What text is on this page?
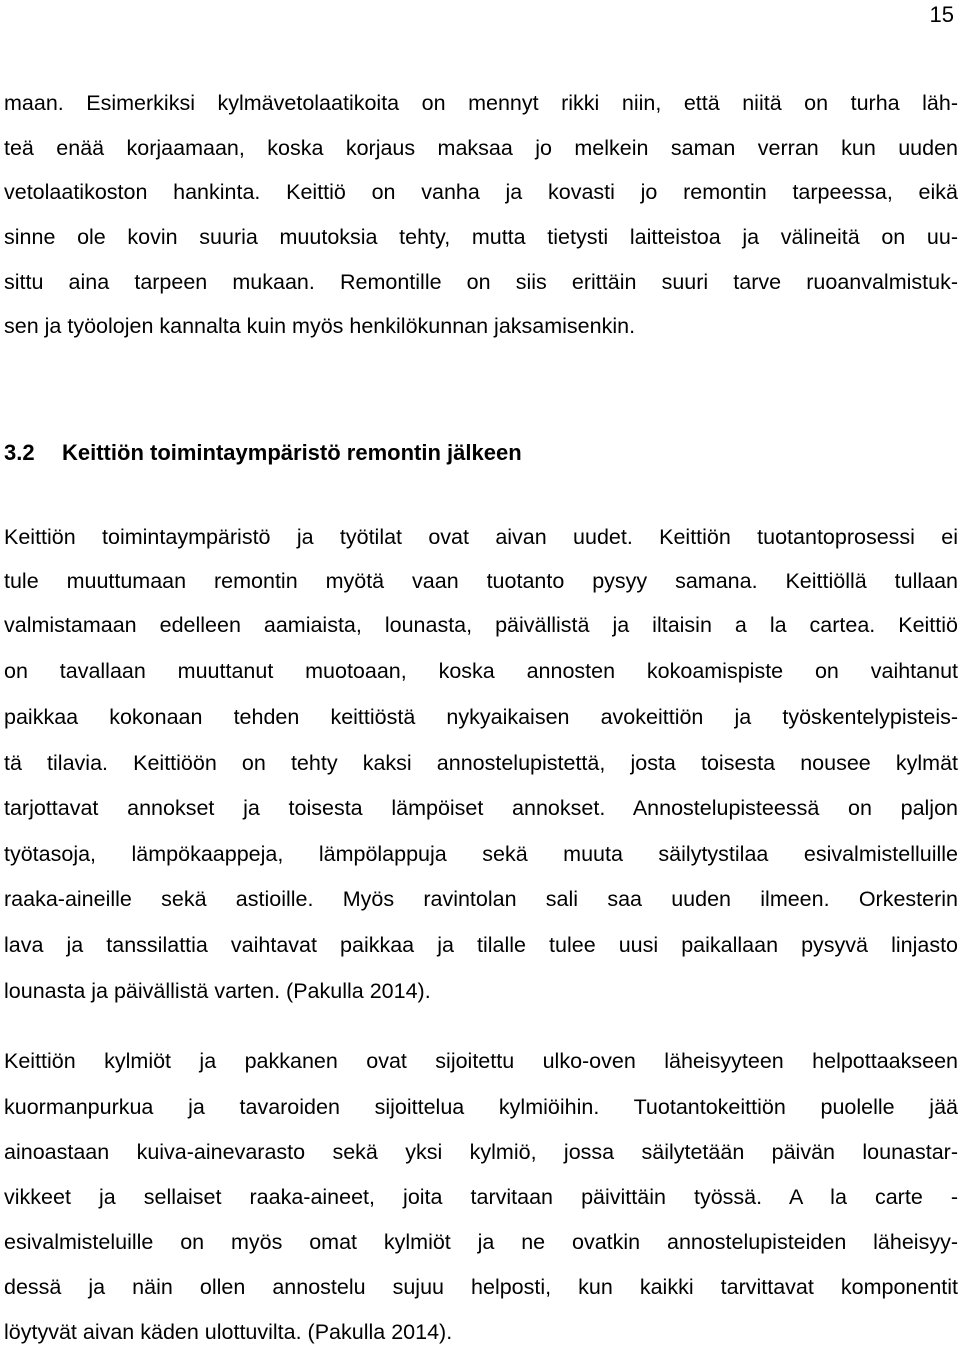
15
maan. Esimerkiksi kylmävetolaatikoita on mennyt rikki niin, että niitä on turha läh-
teä enää korjaamaan, koska korjaus maksaa jo melkein saman verran kun uuden
vetolaatikoston hankinta. Keittiö on vanha ja kovasti jo remontin tarpeessa, eikä
sinne ole kovin suuria muutoksia tehty, mutta tietysti laitteistoa ja välineitä on uu-
sittu aina tarpeen mukaan. Remontille on siis erittäin suuri tarve ruoanvalmistuk-
sen ja työolojen kannalta kuin myös henkilökunnan jaksamisenkin.
3.2 Keittiön toimintaympäristö remontin jälkeen
Keittiön toimintaympäristö ja työtilat ovat aivan uudet. Keittiön tuotantoprosessi ei
tule muuttumaan remontin myötä vaan tuotanto pysyy samana. Keittiöllä tullaan
valmistamaan edelleen aamiaista, lounasta, päivällistä ja iltaisin a la cartea. Keittiö
on tavallaan muuttanut muotoaan, koska annosten kokoamispiste on vaihtanut
paikkaa kokonaan tehden keittiöstä nykyaikaisen avokeittiön ja työskentelypisteis-
tä tilavia. Keittiöön on tehty kaksi annostelupistettä, josta toisesta nousee kylmät
tarjottavat annokset ja toisesta lämpöiset annokset. Annostelupisteessä on paljon
työtasoja, lämpökaappeja, lämpölappuja sekä muuta säilytystilaa esivalmistelluille
raaka-aineille sekä astioille. Myös ravintolan sali saa uuden ilmeen. Orkesterin
lava ja tanssilattia vaihtavat paikkaa ja tilalle tulee uusi paikallaan pysyvä linjasto
lounasta ja päivällistä varten. (Pakulla 2014).
Keittiön kylmiöt ja pakkanen ovat sijoitettu ulko-oven läheisyyteen helpottaakseen
kuormanpurkua ja tavaroiden sijoittelua kylmiöihin. Tuotantokeittiön puolelle jää
ainoastaan kuiva-ainevarasto sekä yksi kylmiö, jossa säilytetään päivän lounastar-
vikkeet ja sellaiset raaka-aineet, joita tarvitaan päivittäin työssä. A la carte -
esivalmisteluille on myös omat kylmiöt ja ne ovatkin annostelupisteiden läheisyy-
dessä ja näin ollen annostelu sujuu helposti, kun kaikki tarvittavat komponentit
löytyvät aivan käden ulottuvilta. (Pakulla 2014).
